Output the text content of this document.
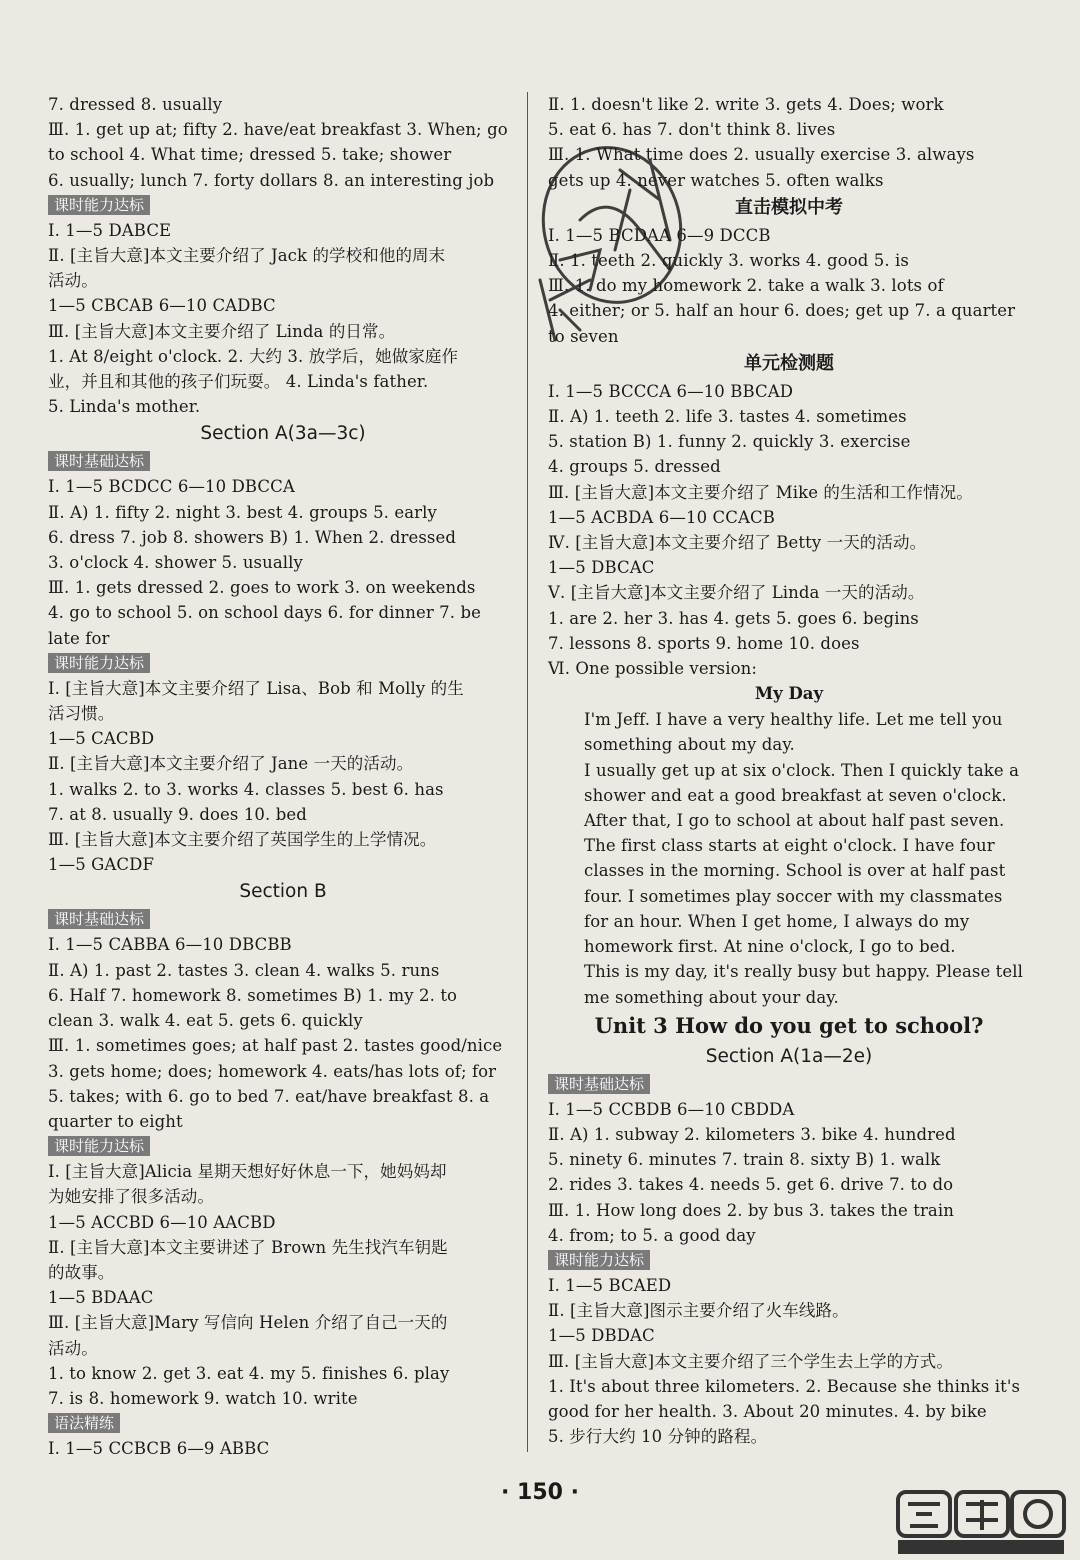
7. dressed 8. usually
Ⅲ. 1. get up at; fifty 2. have/eat breakfast 3. When; go
to school 4. What time; dressed 5. take; shower
6. usually; lunch 7. forty dollars 8. an interesting job
课时能力达标
Ⅰ. 1—5 DABCE
Ⅱ. [主旨大意]本文主要介绍了 Jack 的学校和他的周末
活动。
1—5 CBCAB 6—10 CADBC
Ⅲ. [主旨大意]本文主要介绍了 Linda 的日常。
1. At 8/eight o'clock. 2. 大约 3. 放学后，她做家庭作
业，并且和其他的孩子们玩耍。 4. Linda's father.
5. Linda's mother.
Section A(3a—3c)
课时基础达标
Ⅰ. 1—5 BCDCC 6—10 DBCCA
Ⅱ. A) 1. fifty 2. night 3. best 4. groups 5. early
6. dress 7. job 8. showers B) 1. When 2. dressed
3. o'clock 4. shower 5. usually
Ⅲ. 1. gets dressed 2. goes to work 3. on weekends
4. go to school 5. on school days 6. for dinner 7. be
late for
课时能力达标
Ⅰ. [主旨大意]本文主要介绍了 Lisa、Bob 和 Molly 的生
活习惯。
1—5 CACBD
Ⅱ. [主旨大意]本文主要介绍了 Jane 一天的活动。
1. walks 2. to 3. works 4. classes 5. best 6. has
7. at 8. usually 9. does 10. bed
Ⅲ. [主旨大意]本文主要介绍了英国学生的上学情况。
1—5 GACDF
Section B
课时基础达标
Ⅰ. 1—5 CABBA 6—10 DBCBB
Ⅱ. A) 1. past 2. tastes 3. clean 4. walks 5. runs
6. Half 7. homework 8. sometimes B) 1. my 2. to
clean 3. walk 4. eat 5. gets 6. quickly
Ⅲ. 1. sometimes goes; at half past 2. tastes good/nice
3. gets home; does; homework 4. eats/has lots of; for
5. takes; with 6. go to bed 7. eat/have breakfast 8. a
quarter to eight
课时能力达标
Ⅰ. [主旨大意]Alicia 星期天想好好休息一下，她妈妈却
为她安排了很多活动。
1—5 ACCBD 6—10 AACBD
Ⅱ. [主旨大意]本文主要讲述了 Brown 先生找汽车钥匙
的故事。
1—5 BDAAC
Ⅲ. [主旨大意]Mary 写信向 Helen 介绍了自己一天的
活动。
1. to know 2. get 3. eat 4. my 5. finishes 6. play
7. is 8. homework 9. watch 10. write
语法精练
Ⅰ. 1—5 CCBCB 6—9 ABBC
Ⅱ. 1. doesn't like 2. write 3. gets 4. Does; work
5. eat 6. has 7. don't think 8. lives
Ⅲ. 1. What time does 2. usually exercise 3. always
gets up 4. never watches 5. often walks
直击模拟中考
Ⅰ. 1—5 BCDAA 6—9 DCCB
Ⅱ. 1. teeth 2. quickly 3. works 4. good 5. is
Ⅲ. 1. do my homework 2. take a walk 3. lots of
4. either; or 5. half an hour 6. does; get up 7. a quarter
to seven
单元检测题
Ⅰ. 1—5 BCCCA 6—10 BBCAD
Ⅱ. A) 1. teeth 2. life 3. tastes 4. sometimes
5. station B) 1. funny 2. quickly 3. exercise
4. groups 5. dressed
Ⅲ. [主旨大意]本文主要介绍了 Mike 的生活和工作情况。
1—5 ACBDA 6—10 CCACB
Ⅳ. [主旨大意]本文主要介绍了 Betty 一天的活动。
1—5 DBCAC
Ⅴ. [主旨大意]本文主要介绍了 Linda 一天的活动。
1. are 2. her 3. has 4. gets 5. goes 6. begins
7. lessons 8. sports 9. home 10. does
Ⅵ. One possible version:
My Day
I'm Jeff. I have a very healthy life. Let me tell you something about my day.
I usually get up at six o'clock. Then I quickly take a shower and eat a good breakfast at seven o'clock. After that, I go to school at about half past seven. The first class starts at eight o'clock. I have four classes in the morning. School is over at half past four. I sometimes play soccer with my classmates for an hour. When I get home, I always do my homework first. At nine o'clock, I go to bed.
This is my day, it's really busy but happy. Please tell me something about your day.
Unit 3 How do you get to school?
Section A(1a—2e)
课时基础达标
Ⅰ. 1—5 CCBDB 6—10 CBDDA
Ⅱ. A) 1. subway 2. kilometers 3. bike 4. hundred
5. ninety 6. minutes 7. train 8. sixty B) 1. walk
2. rides 3. takes 4. needs 5. get 6. drive 7. to do
Ⅲ. 1. How long does 2. by bus 3. takes the train
4. from; to 5. a good day
课时能力达标
Ⅰ. 1—5 BCAED
Ⅱ. [主旨大意]图示主要介绍了火车线路。
1—5 DBDAC
Ⅲ. [主旨大意]本文主要介绍了三个学生去上学的方式。
1. It's about three kilometers. 2. Because she thinks it's
good for her health. 3. About 20 minutes. 4. by bike
5. 步行大约 10 分钟的路程。
· 150 ·
